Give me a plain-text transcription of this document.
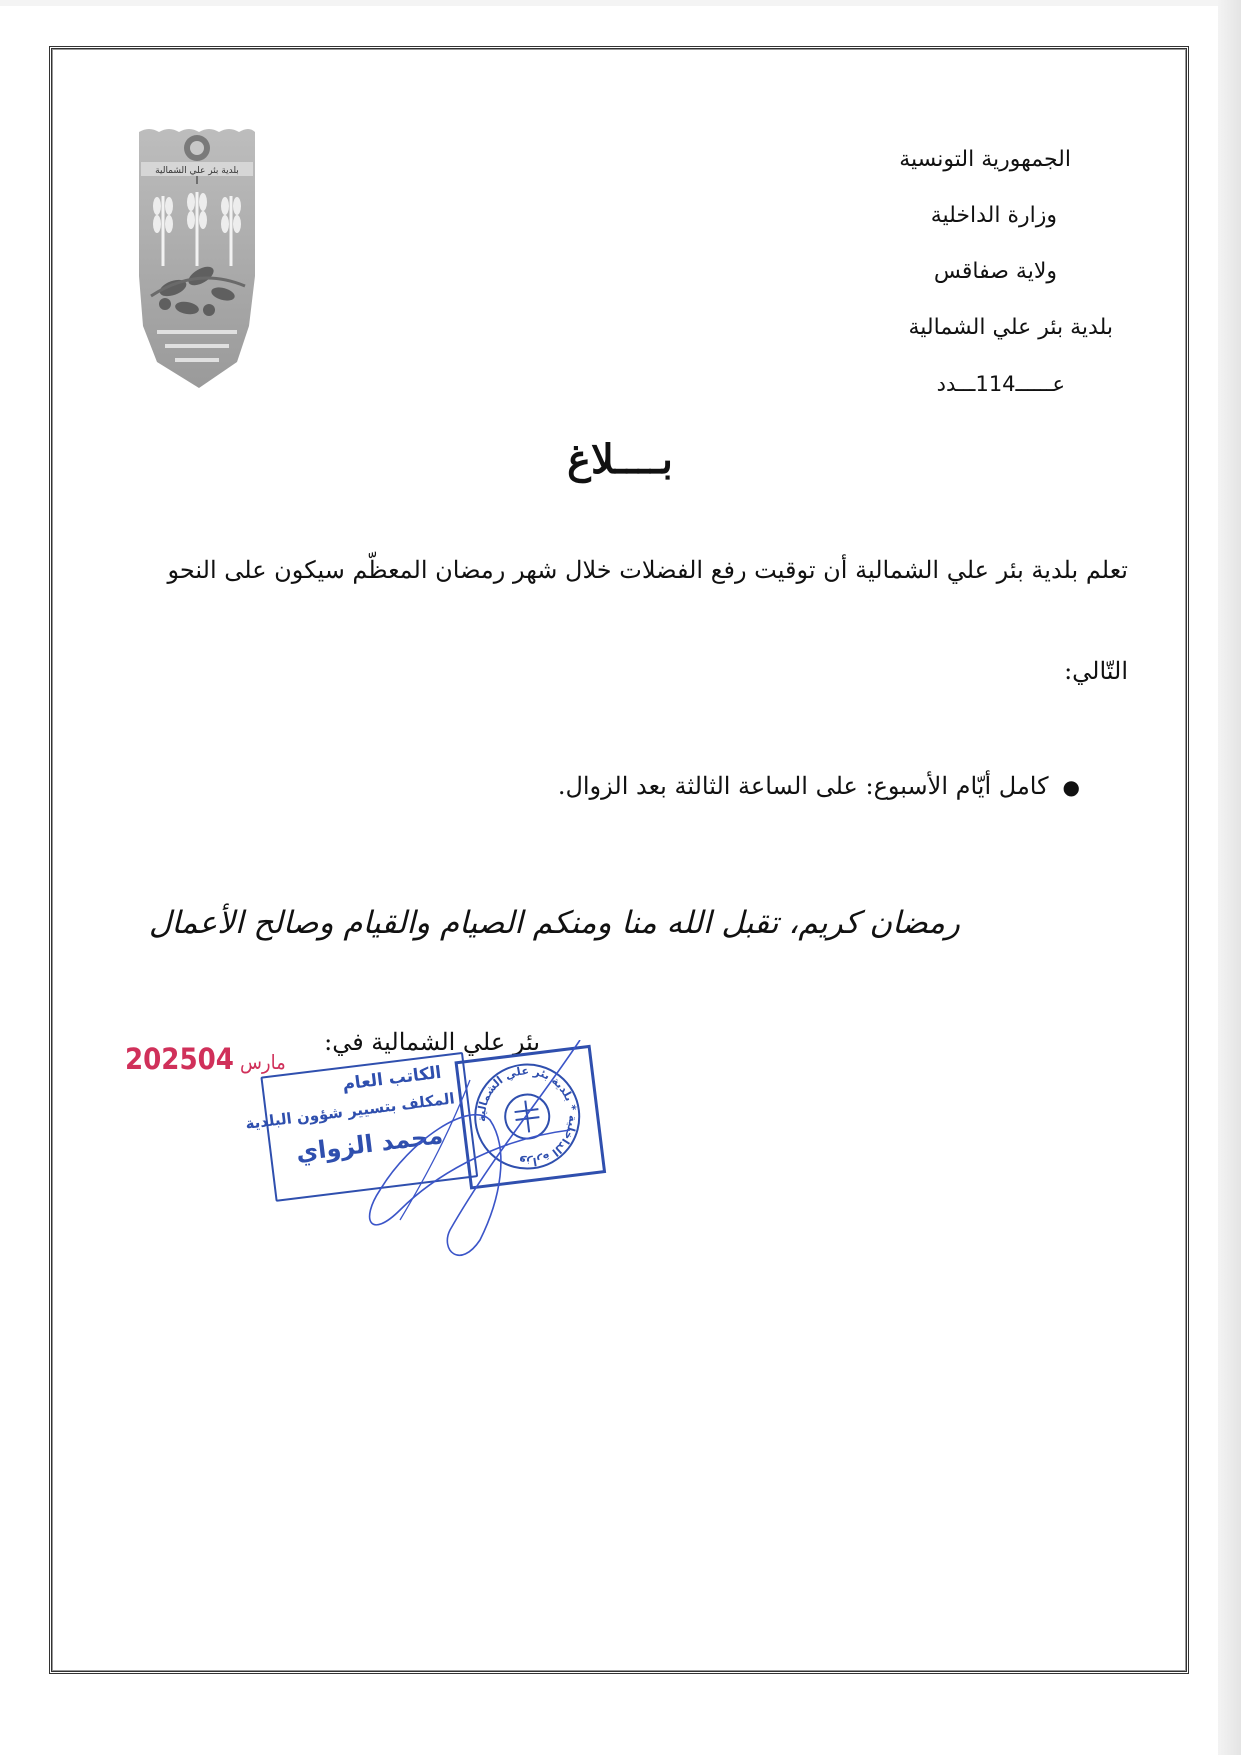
بلدية بئر علي الشمالية	الجمهورية التونسية
وزارة الداخلية
ولاية صفاقس
بلدية بئر علي الشمالية
عــــــ114ـــدد
بــــلاغ
تعلم بلدية بئر علي الشمالية أن توقيت رفع الفضلات خلال شهر رمضان المعظّم سيكون على النحو
التّالي:
●كامل أيّام الأسبوع: على الساعة الثالثة بعد الزوال.
رمضان كريم، تقبل الله منا ومنكم الصيام والقيام وصالح الأعمال
بئر علي الشمالية في:
2025 مارس04
الكاتب العام
المكلف بتسيير شؤون البلدية
محمد الزواي
وزارة الداخلية * بلدية بئر علي الشمالية
